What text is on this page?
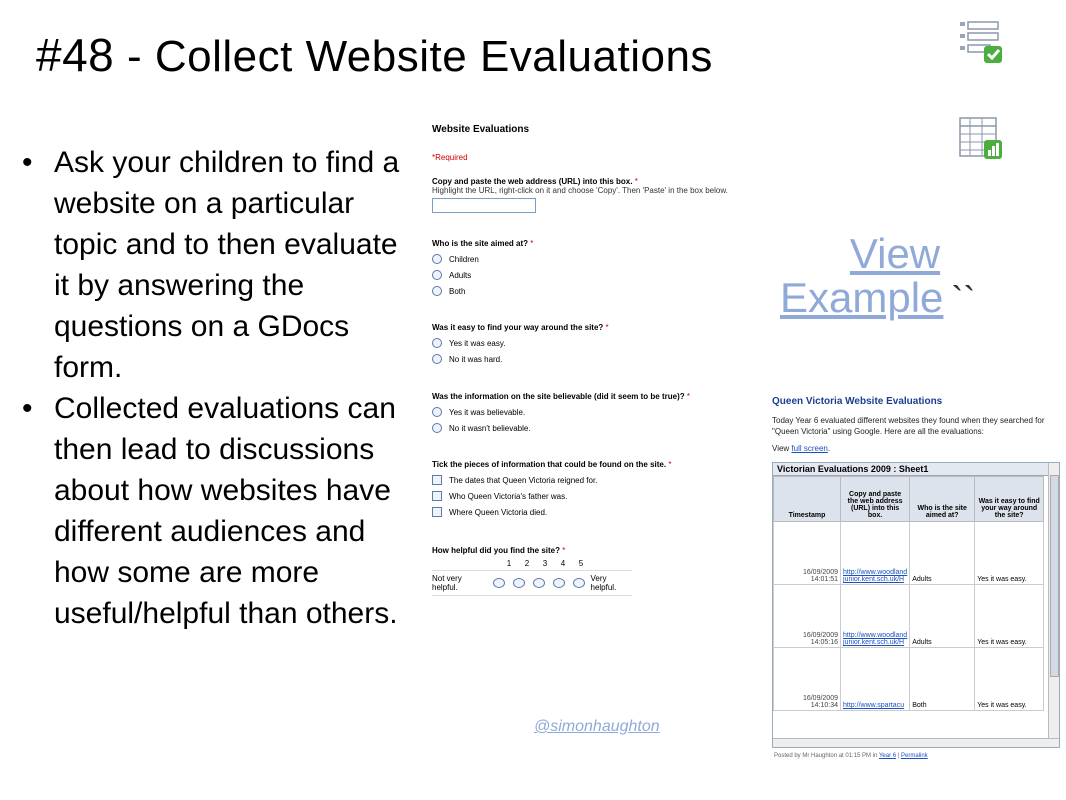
#48 - Collect Website Evaluations
• Ask your children to find a website on a particular topic and to then evaluate it by answering the questions on a GDocs form.
• Collected evaluations can then lead to discussions about how websites have different audiences and how some are more useful/helpful than others.
Website Evaluations
*Required
Copy and paste the web address (URL) into this box. *
Highlight the URL, right-click on it and choose 'Copy'. Then 'Paste' in the box below.
Who is the site aimed at? *
Children
Adults
Both
Was it easy to find your way around the site? *
Yes it was easy.
No it was hard.
Was the information on the site believable (did it seem to be true)? *
Yes it was believable.
No it wasn't believable.
Tick the pieces of information that could be found on the site. *
The dates that Queen Victoria reigned for.
Who Queen Victoria's father was.
Where Queen Victoria died.
How helpful did you find the site? *
1	2	3	4	5
Not very helpful.
Very helpful.
View
Example ``
Queen Victoria Website Evaluations
Today Year 6 evaluated different websites they found when they searched for "Queen Victoria" using Google. Here are all the evaluations:
View full screen.
Victorian Evaluations 2009 : Sheet1
Timestamp	Copy and paste the web address (URL) into this box.	Who is the site aimed at?	Was it easy to find your way around the site?
16/09/2009
14:01:51	http://www.woodland
junior.kent.sch.uk/H	Adults	Yes it was easy.
16/09/2009
14:05:16	http://www.woodland
junior.kent.sch.uk/H	Adults	Yes it was easy.
16/09/2009
14:10:34	http://www.spartacu	Both	Yes it was easy.
Posted by Mr Haughton at 01:15 PM in Year 6 | Permalink
@simonhaughton
